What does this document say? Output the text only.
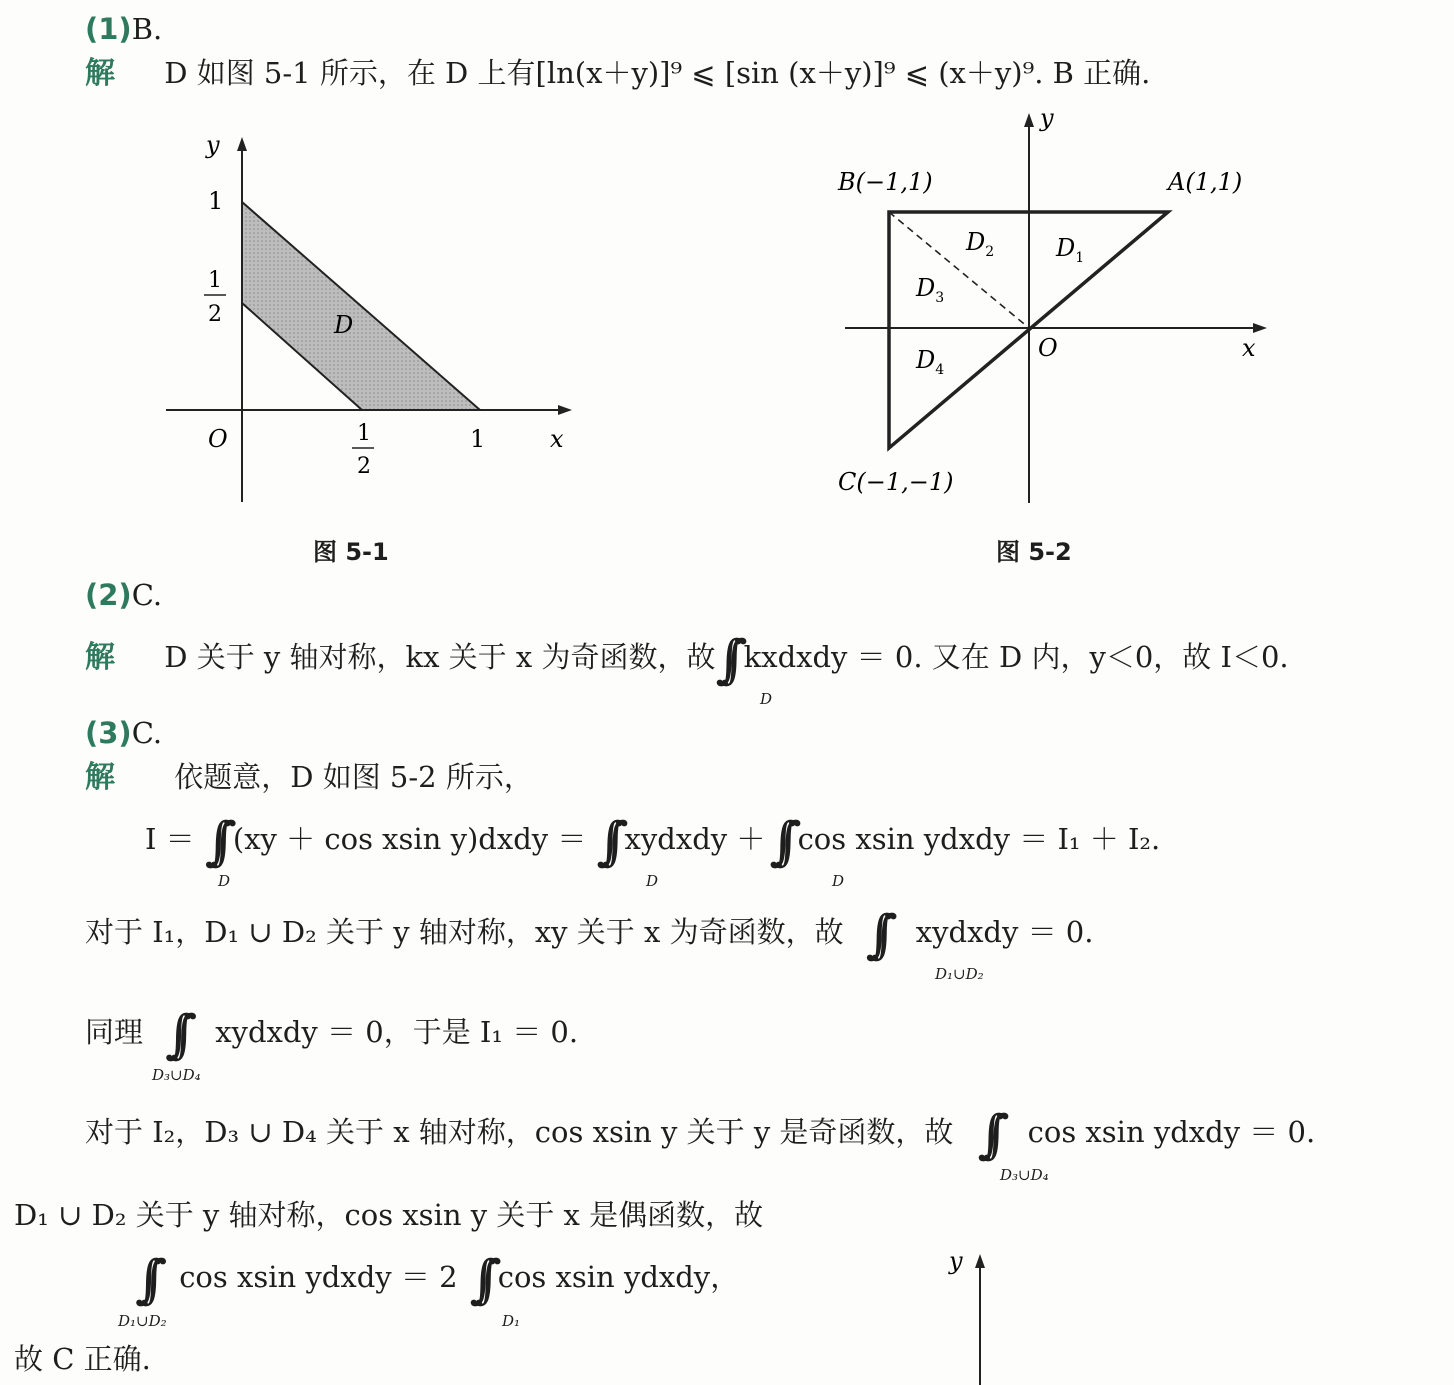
(1)B.
解 D 如图 5-1 所示，在 D 上有[ln(x＋y)]⁹ ⩽ [sin (x＋y)]⁹ ⩽ (x＋y)⁹. B 正确.
y
x
O
1
1
2
1
2
1
D
图 5-1
y
x
O
B(−1,1)	A(1,1)
C(−1,−1)
$D_2$	$D_1$
$D_3$
$D_4$
图 5-2
(2)C.
解 D 关于 y 轴对称，kx 关于 x 为奇函数，故∫∫ kxdxdy ＝ 0. 又在 D 内，y＜0，故 I＜0.
D
(3)C.
解 依题意，D 如图 5-2 所示，
I ＝ ∫∫ (xy ＋ cos xsin y)dxdy ＝ ∫∫ xydxdy ＋∫∫ cos xsin ydxdy ＝ I₁ ＋ I₂.
D	D	D
对于 I₁，D₁ ∪ D₂ 关于 y 轴对称，xy 关于 x 为奇函数，故 ∫∫ xydxdy ＝ 0.
D₁∪D₂
同理 ∫∫ xydxdy ＝ 0，于是 I₁ ＝ 0.
D₃∪D₄
对于 I₂，D₃ ∪ D₄ 关于 x 轴对称，cos xsin y 关于 y 是奇函数，故 ∫∫ cos xsin ydxdy ＝ 0.
D₃∪D₄
D₁ ∪ D₂ 关于 y 轴对称，cos xsin y 关于 x 是偶函数，故
∫∫ cos xsin ydxdy ＝ 2 ∫∫ cos xsin ydxdy，
D₁∪D₂	D₁
故 C 正确.
y
